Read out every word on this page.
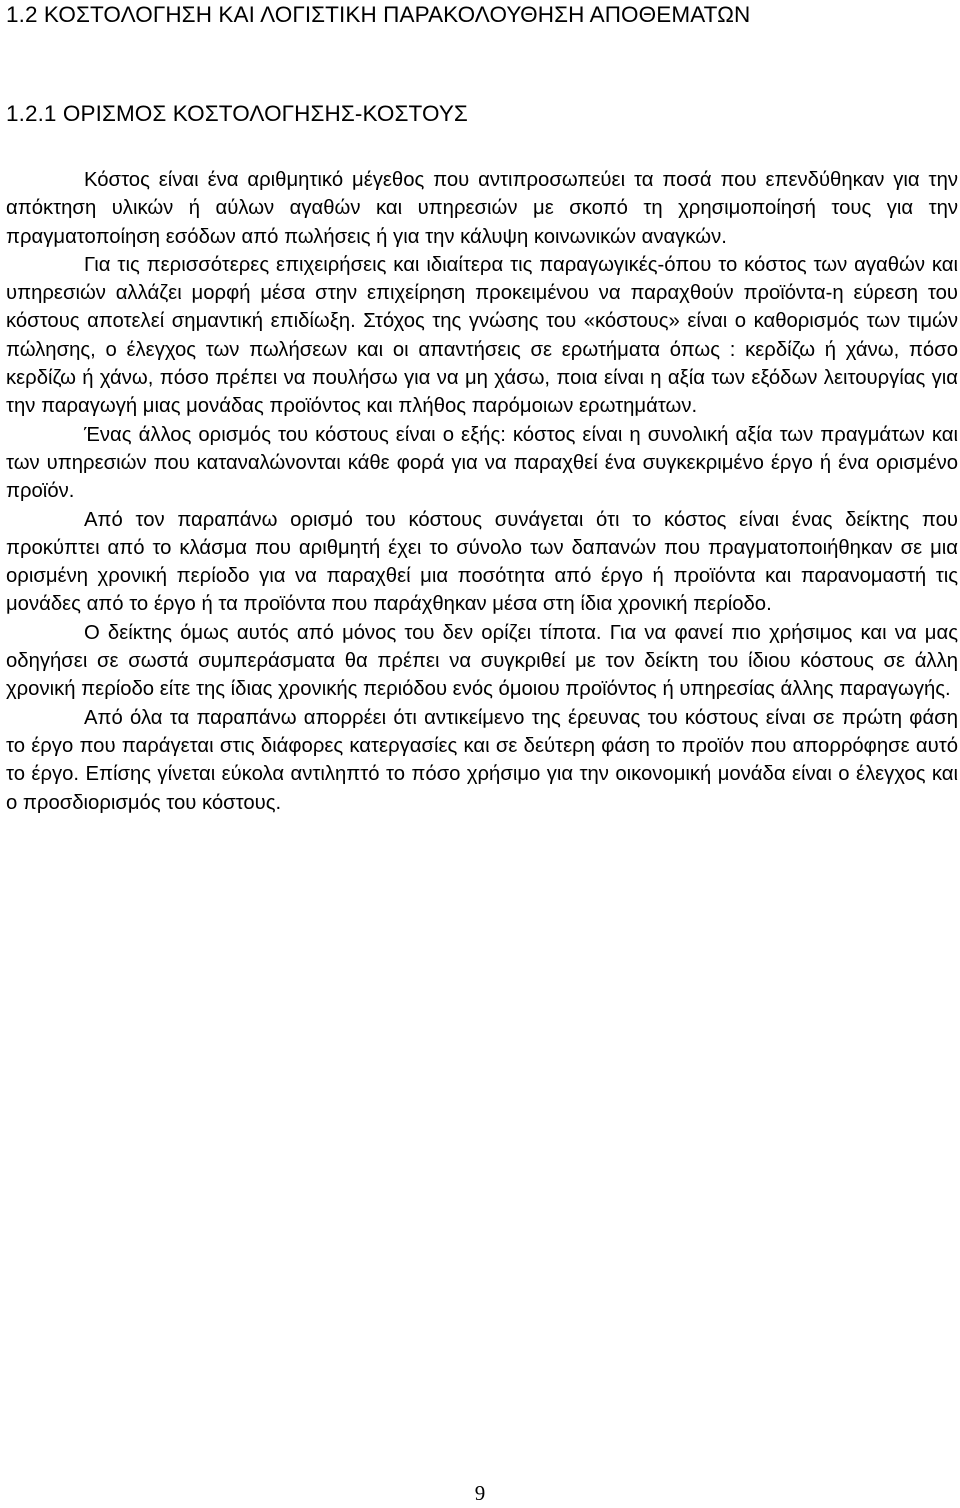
1.2 ΚΟΣΤΟΛΟΓΗΣΗ ΚΑΙ ΛΟΓΙΣΤΙΚΗ ΠΑΡΑΚΟΛΟΥΘΗΣΗ ΑΠΟΘΕΜΑΤΩΝ
1.2.1 ΟΡΙΣΜΟΣ ΚΟΣΤΟΛΟΓΗΣΗΣ-ΚΟΣΤΟΥΣ

Κόστος είναι ένα αριθμητικό μέγεθος που αντιπροσωπεύει τα ποσά που επενδύθηκαν για την απόκτηση υλικών ή αύλων αγαθών και υπηρεσιών με σκοπό τη χρησιμοποίησή τους για την πραγματοποίηση εσόδων από πωλήσεις ή για την κάλυψη κοινωνικών αναγκών.

Για τις περισσότερες επιχειρήσεις και ιδιαίτερα τις παραγωγικές-όπου το κόστος των αγαθών και υπηρεσιών αλλάζει μορφή μέσα στην επιχείρηση προκειμένου να παραχθούν προϊόντα-η εύρεση του κόστους αποτελεί σημαντική επιδίωξη. Στόχος της γνώσης του «κόστους» είναι ο καθορισμός των τιμών πώλησης, ο έλεγχος των πωλήσεων και οι απαντήσεις σε ερωτήματα όπως : κερδίζω ή χάνω, πόσο κερδίζω ή χάνω, πόσο πρέπει να πουλήσω για να μη χάσω, ποια είναι η αξία των εξόδων λειτουργίας για την παραγωγή μιας μονάδας προϊόντος και πλήθος παρόμοιων ερωτημάτων.

Ένας άλλος ορισμός του κόστους είναι ο εξής: κόστος είναι η συνολική αξία των πραγμάτων και των υπηρεσιών που καταναλώνονται κάθε φορά για να παραχθεί ένα συγκεκριμένο έργο ή ένα ορισμένο προϊόν.

Από τον παραπάνω ορισμό του κόστους συνάγεται ότι το κόστος είναι ένας δείκτης που προκύπτει από το κλάσμα που αριθμητή έχει το σύνολο των δαπανών που πραγματοποιήθηκαν σε μια ορισμένη χρονική περίοδο για να παραχθεί μια ποσότητα από έργο ή προϊόντα και παρανομαστή τις μονάδες από το έργο ή τα προϊόντα που παράχθηκαν μέσα στη ίδια χρονική περίοδο.

Ο δείκτης όμως αυτός από μόνος του δεν ορίζει τίποτα. Για να φανεί πιο χρήσιμος και να μας οδηγήσει σε σωστά συμπεράσματα θα πρέπει να συγκριθεί με τον δείκτη του ίδιου κόστους σε άλλη χρονική περίοδο είτε της ίδιας χρονικής περιόδου ενός όμοιου προϊόντος ή υπηρεσίας άλλης παραγωγής.

Από όλα τα παραπάνω απορρέει ότι αντικείμενο της έρευνας του κόστους είναι σε πρώτη φάση το έργο που παράγεται στις διάφορες κατεργασίες και σε δεύτερη φάση το προϊόν που απορρόφησε αυτό το έργο. Επίσης γίνεται εύκολα αντιληπτό το πόσο χρήσιμο για την οικονομική μονάδα είναι ο έλεγχος και ο προσδιορισμός του κόστους.

9
